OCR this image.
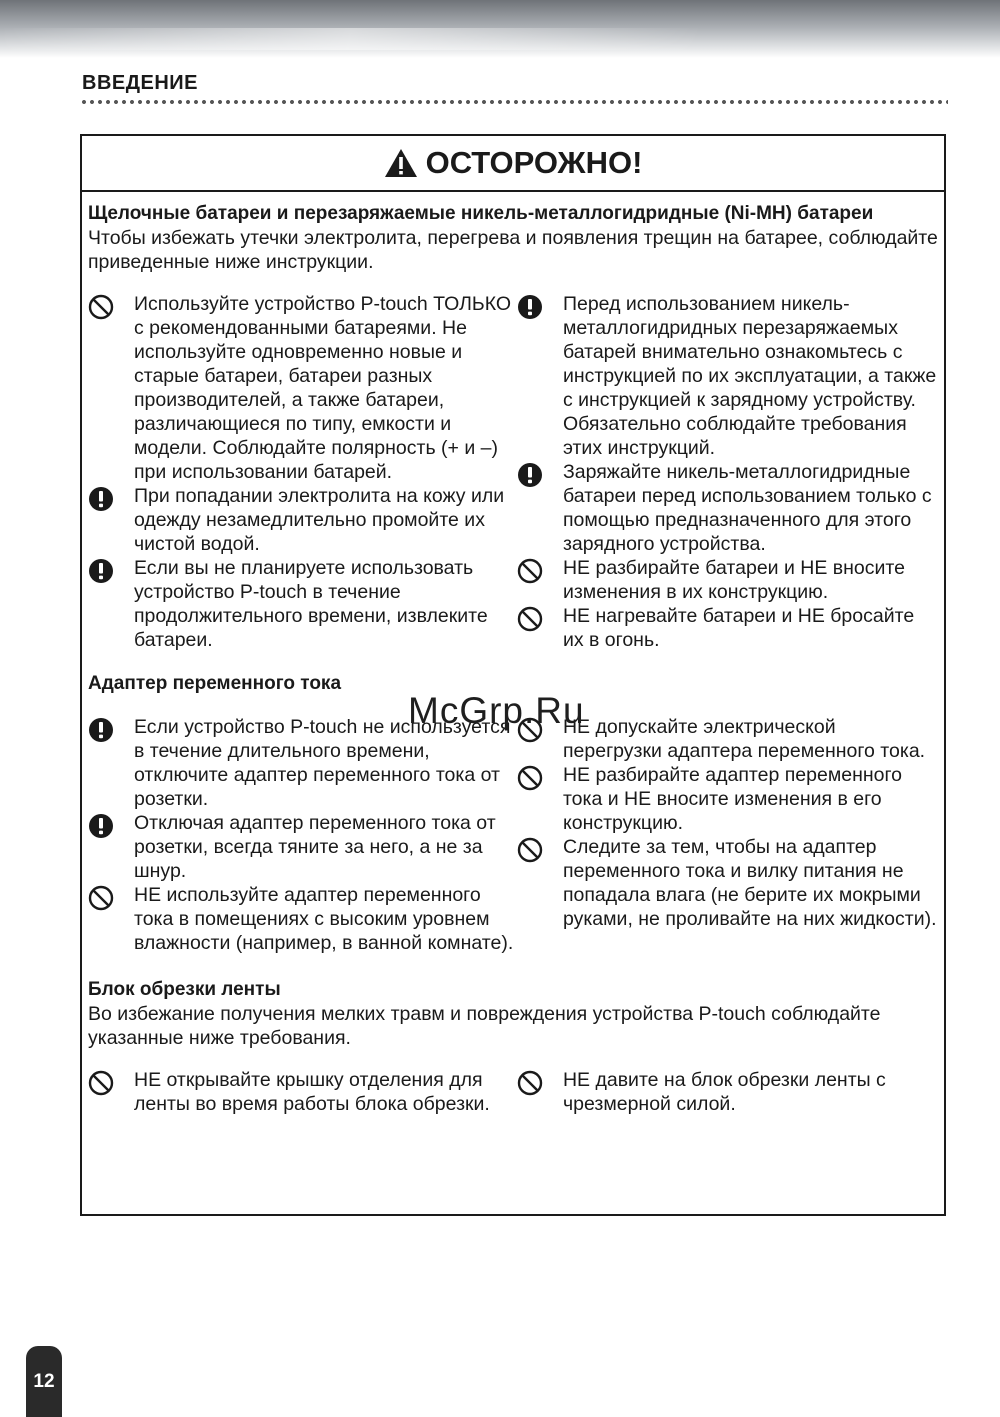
ВВЕДЕНИЕ
ОСТОРОЖНО!

Щелочные батареи и перезаряжаемые никель-металлогидридные (Ni-MH) батареи

Чтобы избежать утечки электролита, перегрева и появления трещин на батарее, соблюдайте приведенные ниже инструкции.

Используйте устройство P-touch ТОЛЬКО с рекомендованными батареями. Не используйте одновременно новые и старые батареи, батареи разных производителей, а также батареи, различающиеся по типу, емкости и модели. Соблюдайте полярность (+ и –) при использовании батарей.
При попадании электролита на кожу или одежду незамедлительно промойте их чистой водой.
Если вы не планируете использовать устройство P-touch в течение продолжительного времени, извлеките батареи.
Перед использованием никель-металлогидридных перезаряжаемых батарей внимательно ознакомьтесь с инструкцией по их эксплуатации, а также с инструкцией к зарядному устройству. Обязательно соблюдайте требования этих инструкций.
Заряжайте никель-металлогидридные батареи перед использованием только с помощью предназначенного для этого зарядного устройства.
НЕ разбирайте батареи и НЕ вносите изменения в их конструкцию.
НЕ нагревайте батареи и НЕ бросайте их в огонь.

Адаптер переменного тока

Если устройство P-touch не используется в течение длительного времени, отключите адаптер переменного тока от розетки.
Отключая адаптер переменного тока от розетки, всегда тяните за него, а не за шнур.
НЕ используйте адаптер переменного тока в помещениях с высоким уровнем влажности (например, в ванной комнате).
НЕ допускайте электрической перегрузки адаптера переменного тока.
НЕ разбирайте адаптер переменного тока и НЕ вносите изменения в его конструкцию.
Следите за тем, чтобы на адаптер переменного тока и вилку питания не попадала влага (не берите их мокрыми руками, не проливайте на них жидкости).

Блок обрезки ленты

Во избежание получения мелких травм и повреждения устройства P-touch соблюдайте указанные ниже требования.

НЕ открывайте крышку отделения для ленты во время работы блока обрезки.
НЕ давите на блок обрезки ленты с чрезмерной силой.
McGrp.Ru
12
